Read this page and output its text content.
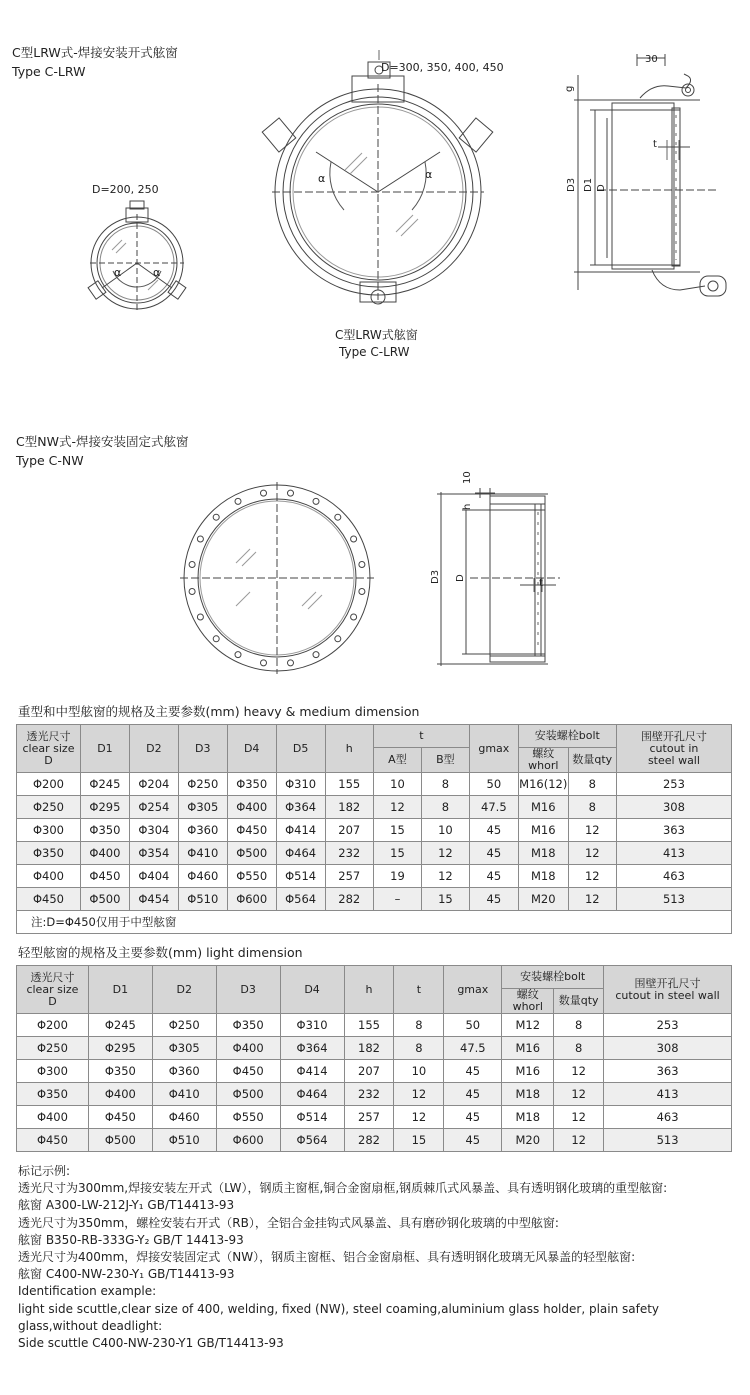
C型LRW式-焊接安装开式舷窗
Type C-LRW
D=200, 250
D=300, 350, 400, 450
α	α
α	α
30
g
D3 D1 D
t
C型LRW式舷窗
Type C-LRW
C型NW式-焊接安装固定式舷窗
Type C-NW
10
h
D3 D	t
重型和中型舷窗的规格及主要参数(mm) heavy & medium dimension
透光尺寸
clear size
D	D1	D2	D3	D4	D5	h	t		gmax	安装螺栓bolt		围壁开孔尺寸
cutout in
steel wall
							A型	B型		螺纹whorl	数量qty	
Φ200	Φ245	Φ204	Φ250	Φ350	Φ310	155	10	8	50	M16(12)	8	253
Φ250	Φ295	Φ254	Φ305	Φ400	Φ364	182	12	8	47.5	M16	8	308
Φ300	Φ350	Φ304	Φ360	Φ450	Φ414	207	15	10	45	M16	12	363
Φ350	Φ400	Φ354	Φ410	Φ500	Φ464	232	15	12	45	M18	12	413
Φ400	Φ450	Φ404	Φ460	Φ550	Φ514	257	19	12	45	M18	12	463
Φ450	Φ500	Φ454	Φ510	Φ600	Φ564	282	–	15	45	M20	12	513
注:D=Φ450仅用于中型舷窗												
轻型舷窗的规格及主要参数(mm) light dimension
透光尺寸
clear size
D	D1	D2	D3	D4	h	t	gmax	安装螺栓bolt		围壁开孔尺寸
cutout in steel wall
								螺纹whorl	数量qty	
Φ200	Φ245	Φ250	Φ350	Φ310	155	8	50	M12	8	253
Φ250	Φ295	Φ305	Φ400	Φ364	182	8	47.5	M16	8	308
Φ300	Φ350	Φ360	Φ450	Φ414	207	10	45	M16	12	363
Φ350	Φ400	Φ410	Φ500	Φ464	232	12	45	M18	12	413
Φ400	Φ450	Φ460	Φ550	Φ514	257	12	45	M18	12	463
Φ450	Φ500	Φ510	Φ600	Φ564	282	15	45	M20	12	513
标记示例:
透光尺寸为300mm,焊接安装左开式（LW），钢质主窗框,铜合金窗扇框,钢质棘爪式风暴盖、具有透明钢化玻璃的重型舷窗:
舷窗 A300-LW-212J-Y₁ GB/T14413-93
透光尺寸为350mm，螺栓安装右开式（RB），全铝合金挂钩式风暴盖、具有磨砂钢化玻璃的中型舷窗:
舷窗 B350-RB-333G-Y₂ GB/T 14413-93
透光尺寸为400mm，焊接安装固定式（NW），钢质主窗框、铝合金窗扇框、具有透明钢化玻璃无风暴盖的轻型舷窗:
舷窗 C400-NW-230-Y₁ GB/T14413-93
Identification example:
light side scuttle,clear size of 400, welding, fixed (NW), steel coaming,aluminium glass holder, plain safety glass,without deadlight:
Side scuttle C400-NW-230-Y1 GB/T14413-93
